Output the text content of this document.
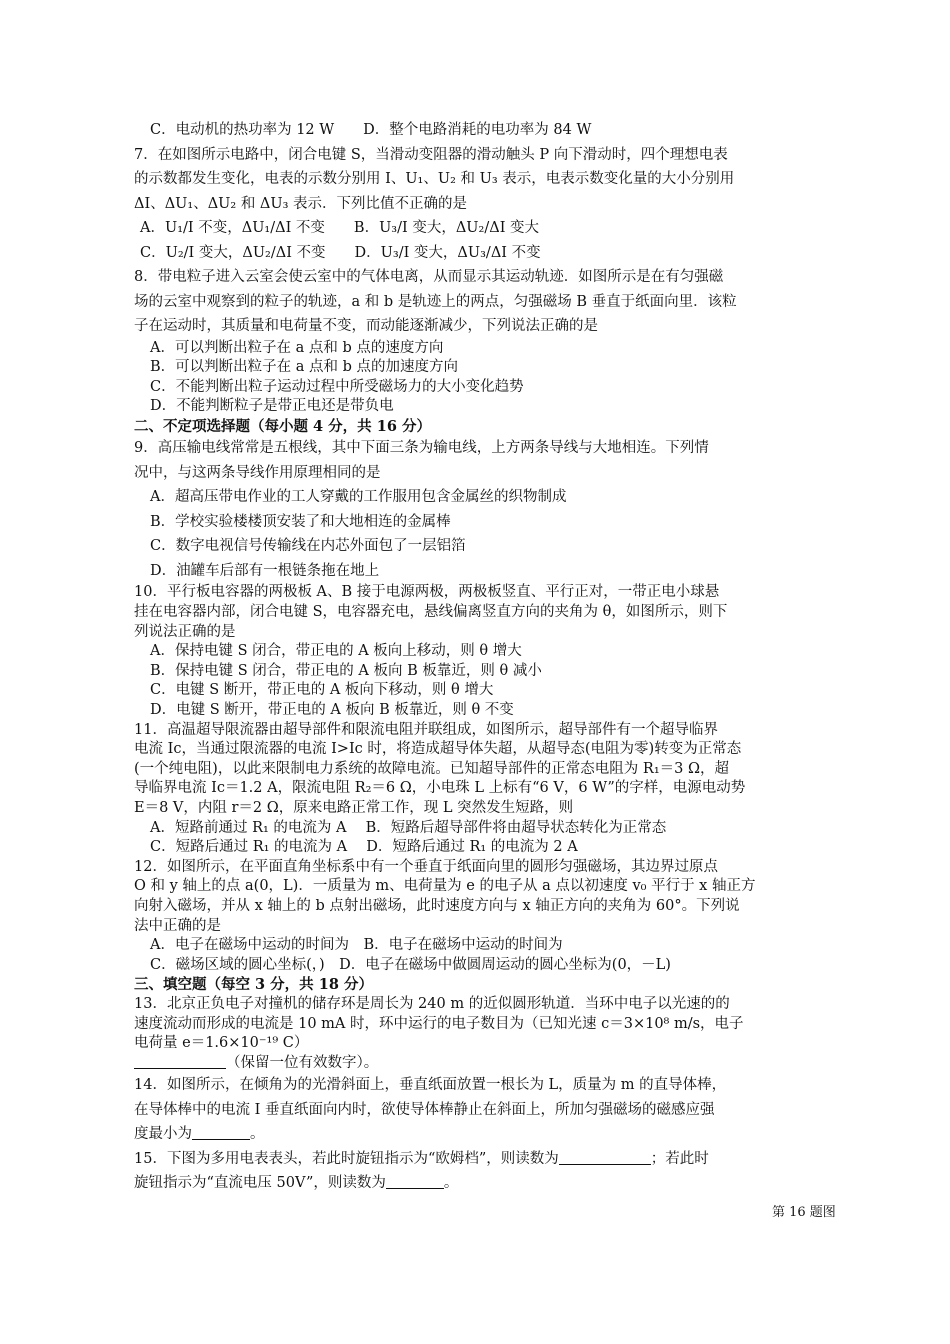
C．电动机的热功率为 12 W　　D．整个电路消耗的电功率为 84 W
7．在如图所示电路中，闭合电键 S，当滑动变阻器的滑动触头 P 向下滑动时，四个理想电表
的示数都发生变化，电表的示数分别用 I、U₁、U₂ 和 U₃ 表示，电表示数变化量的大小分别用
ΔI、ΔU₁、ΔU₂ 和 ΔU₃ 表示．下列比值不正确的是
A．U₁/I 不变，ΔU₁/ΔI 不变　　B．U₃/I 变大，ΔU₂/ΔI 变大
C．U₂/I 变大，ΔU₂/ΔI 不变　　D．U₃/I 变大，ΔU₃/ΔI 不变
8．带电粒子进入云室会使云室中的气体电离，从而显示其运动轨迹．如图所示是在有匀强磁
场的云室中观察到的粒子的轨迹，a 和 b 是轨迹上的两点，匀强磁场 B 垂直于纸面向里．该粒
子在运动时，其质量和电荷量不变，而动能逐渐减少，下列说法正确的是
A．可以判断出粒子在 a 点和 b 点的速度方向
B．可以判断出粒子在 a 点和 b 点的加速度方向
C．不能判断出粒子运动过程中所受磁场力的大小变化趋势
D．不能判断粒子是带正电还是带负电
二、不定项选择题（每小题 4 分，共 16 分）
9．高压输电线常常是五根线，其中下面三条为输电线，上方两条导线与大地相连。下列情
况中，与这两条导线作用原理相同的是
A．超高压带电作业的工人穿戴的工作服用包含金属丝的织物制成
B．学校实验楼楼顶安装了和大地相连的金属棒
C．数字电视信号传输线在内芯外面包了一层铝箔
D．油罐车后部有一根链条拖在地上
10．平行板电容器的两极板 A、B 接于电源两极，两极板竖直、平行正对，一带正电小球悬
挂在电容器内部，闭合电键 S，电容器充电，悬线偏离竖直方向的夹角为 θ，如图所示，则下
列说法正确的是
A．保持电键 S 闭合，带正电的 A 板向上移动，则 θ 增大
B．保持电键 S 闭合，带正电的 A 板向 B 板靠近，则 θ 减小
C．电键 S 断开，带正电的 A 板向下移动，则 θ 增大
D．电键 S 断开，带正电的 A 板向 B 板靠近，则 θ 不变
11．高温超导限流器由超导部件和限流电阻并联组成，如图所示，超导部件有一个超导临界
电流 Ic，当通过限流器的电流 I>Ic 时，将造成超导体失超，从超导态(电阻为零)转变为正常态
(一个纯电阻)，以此来限制电力系统的故障电流。已知超导部件的正常态电阻为 R₁＝3 Ω，超
导临界电流 Ic＝1.2 A，限流电阻 R₂＝6 Ω，小电珠 L 上标有“6 V，6 W”的字样，电源电动势
E＝8 V，内阻 r＝2 Ω，原来电路正常工作，现 L 突然发生短路，则
A．短路前通过 R₁ 的电流为 A　 B．短路后超导部件将由超导状态转化为正常态
C．短路后通过 R₁ 的电流为 A　 D．短路后通过 R₁ 的电流为 2 A
12．如图所示，在平面直角坐标系中有一个垂直于纸面向里的圆形匀强磁场，其边界过原点
O 和 y 轴上的点 a(0，L)．一质量为 m、电荷量为 e 的电子从 a 点以初速度 v₀ 平行于 x 轴正方
向射入磁场，并从 x 轴上的 b 点射出磁场，此时速度方向与 x 轴正方向的夹角为 60°。下列说
法中正确的是
A．电子在磁场中运动的时间为　B．电子在磁场中运动的时间为
C．磁场区域的圆心坐标(，)　D．电子在磁场中做圆周运动的圆心坐标为(0，－L)
三、填空题（每空 3 分，共 18 分）
13．北京正负电子对撞机的储存环是周长为 240 m 的近似圆形轨道．当环中电子以光速的的
速度流动而形成的电流是 10 mA 时，环中运行的电子数目为（已知光速 c＝3×10⁸ m/s，电子
电荷量 e＝1.6×10⁻¹⁹ C）
（保留一位有效数字）。
14．如图所示，在倾角为的光滑斜面上，垂直纸面放置一根长为 L，质量为 m 的直导体棒，
在导体棒中的电流 I 垂直纸面向内时，欲使导体棒静止在斜面上，所加匀强磁场的磁感应强
度最小为	。
15．下图为多用电表表头，若此时旋钮指示为“欧姆档”，则读数为	；若此时
旋钮指示为“直流电压 50V”，则读数为	。
第 16 题图
